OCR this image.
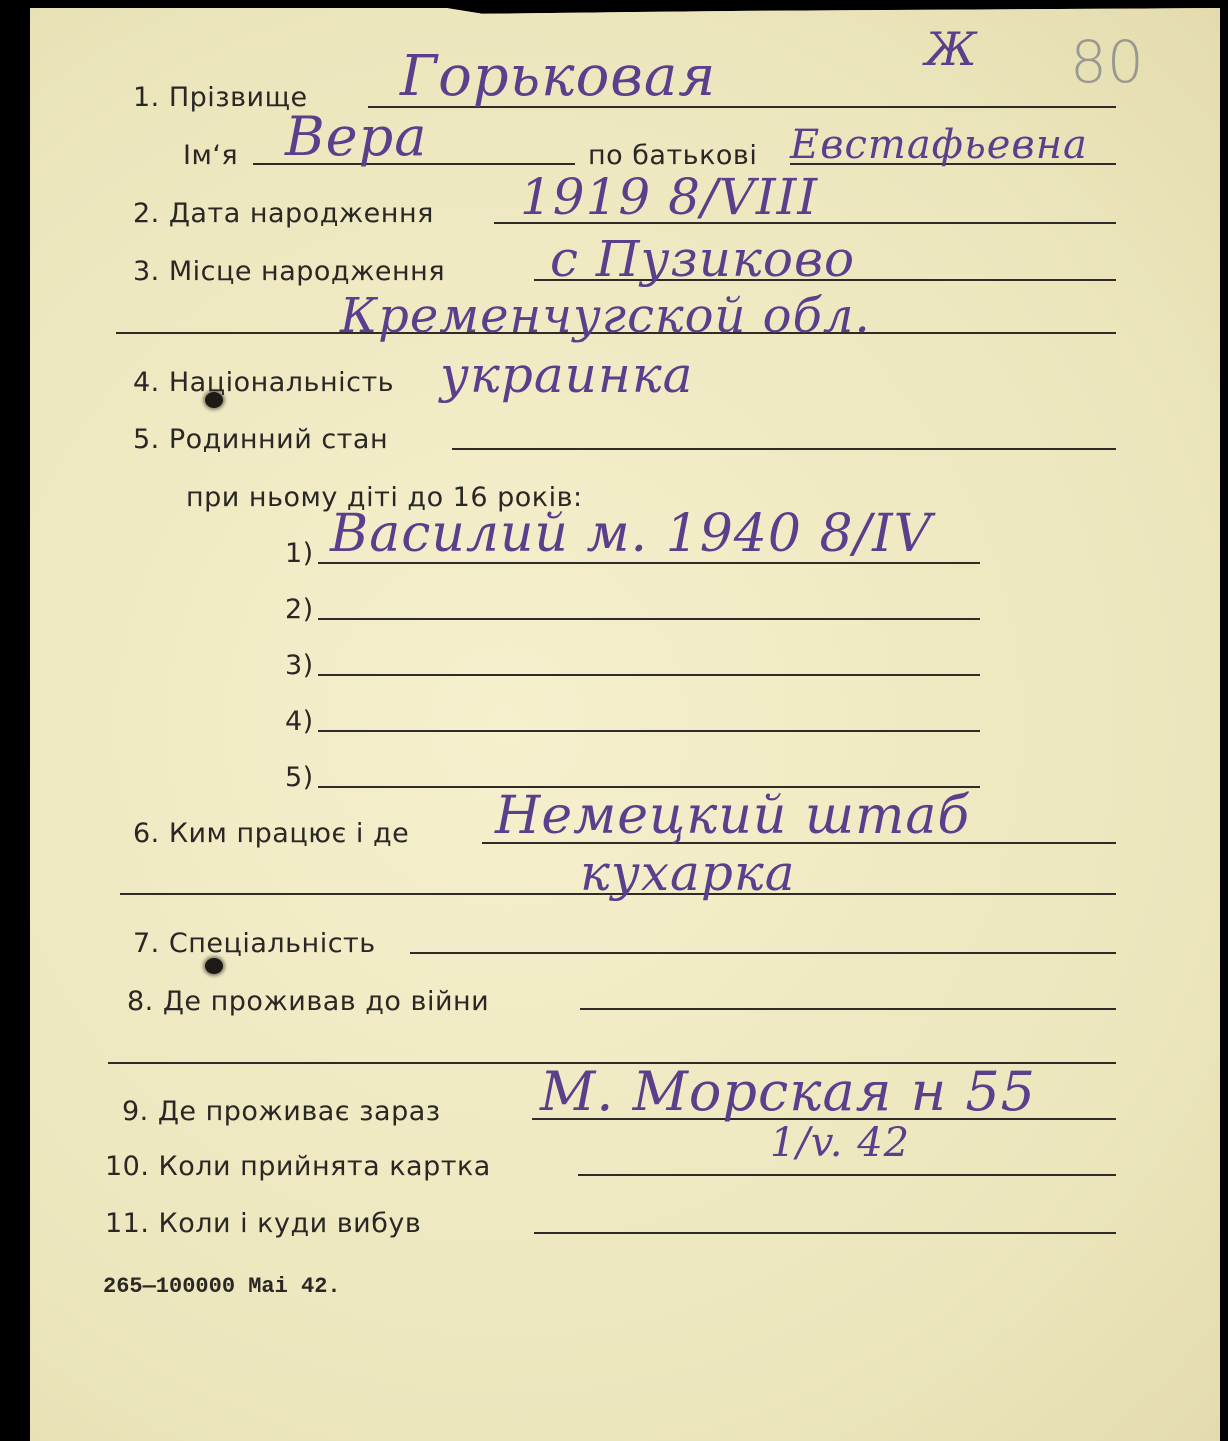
Ж 80
1. Прізвище Горьковая
Ім‘я Вера	по батькові Евстафьевна
2. Дата народження 1919 8/VIII
3. Місце народження с Пузиково
Кременчугской обл.
4. Національність украинка
5. Родинний стан
при ньому діті до 16 років:
1) Василий м. 1940 8/IV
2)
3)
4)
5)
6. Ким працює і де Немецкий штаб
кухарка
7. Спеціальність
8. Де проживав до війни
9. Де проживає зараз М. Морская н 55
10. Коли прийнята картка
1/v. 42
11. Коли і куди вибув
265—100000 Mai 42.
